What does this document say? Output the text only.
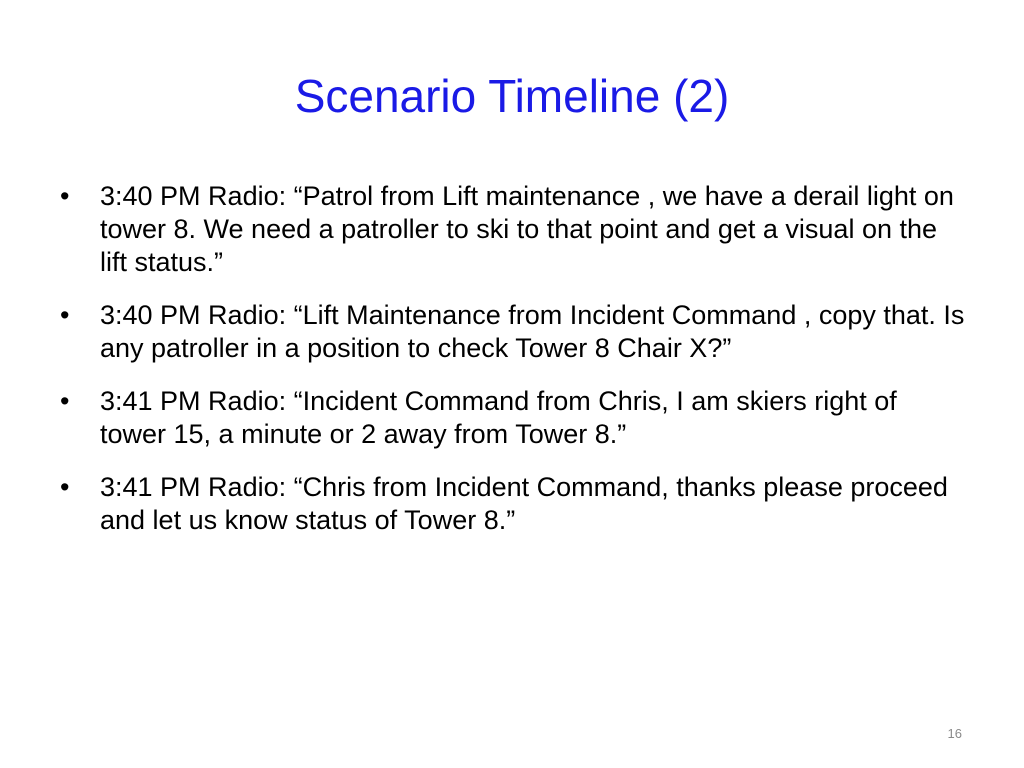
Scenario Timeline (2)
• 3:40 PM Radio: “Patrol from Lift maintenance , we have a derail light on tower 8. We need a patroller to ski to that point and get a visual on the lift status.”
• 3:40 PM Radio: “Lift Maintenance from Incident Command , copy that. Is any patroller in a position to check Tower 8 Chair X?”
• 3:41 PM Radio: “Incident Command from Chris, I am skiers right of tower 15, a minute or 2 away from Tower 8.”
• 3:41 PM Radio: “Chris from Incident Command, thanks please proceed and let us know status of Tower 8.”
16
